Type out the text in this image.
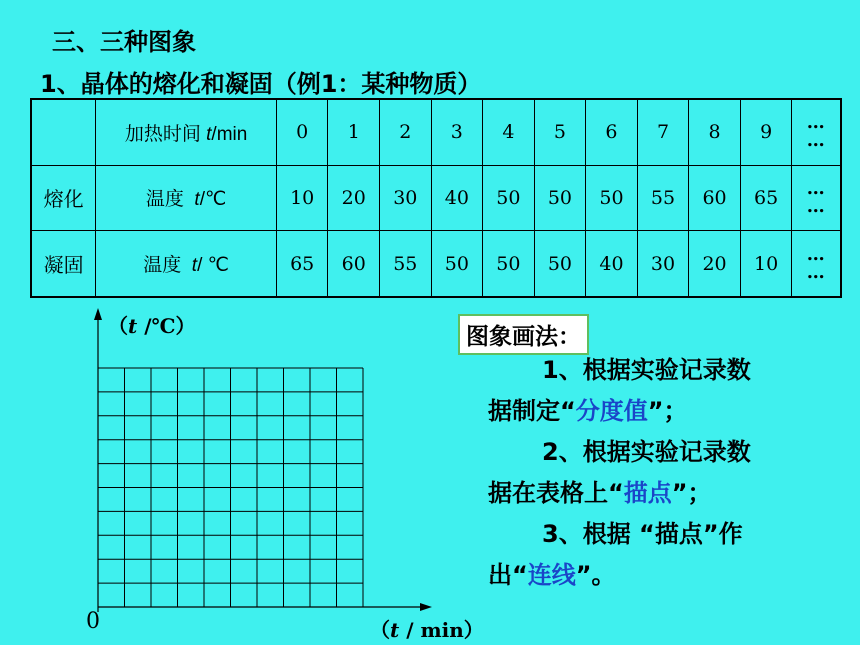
三、三种图象
1、晶体的熔化和凝固（例1：某种物质）
	加热时间 t/min	0	1	2	3	4	5	6	7	8	9	…
…
熔化	温度 t/℃	10	20	30	40	50	50	50	55	60	65	…
…
凝固	温度 t/ ℃	65	60	55	50	50	50	40	30	20	10	…
…
（t /℃）
（t / min）
0
图象画法：
1、根据实验记录数
据制定“分度值”；
2、根据实验记录数
据在表格上“描点”；
3、根据 “描点”作
出“连线”。
